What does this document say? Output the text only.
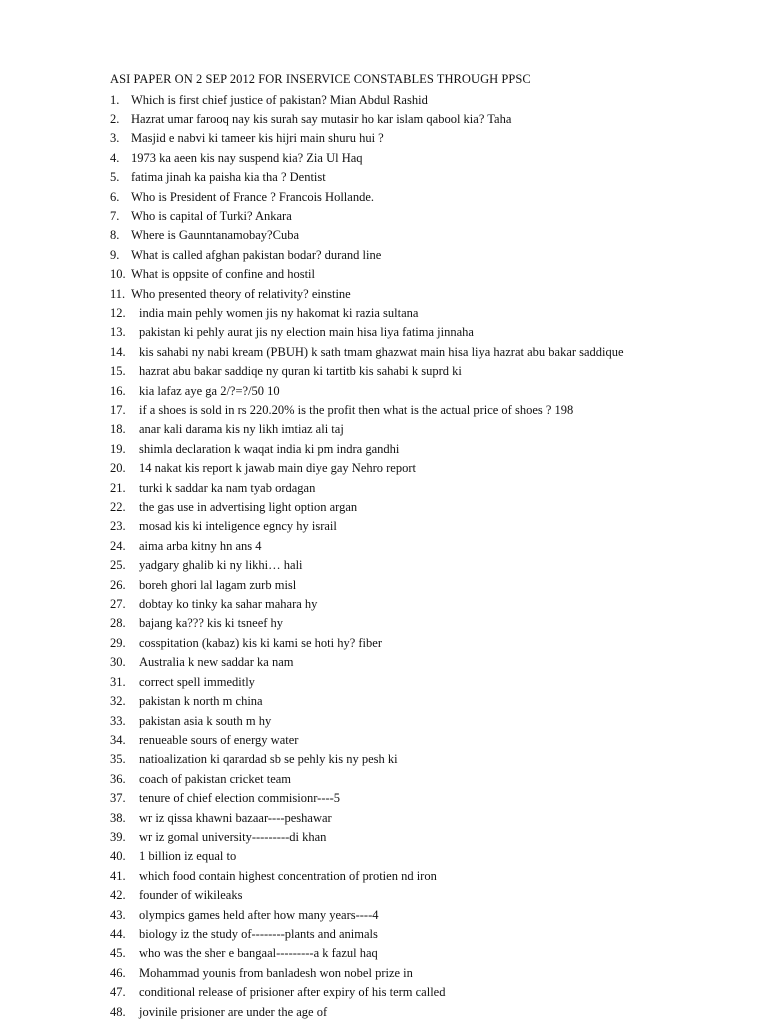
ASI PAPER ON 2 SEP 2012 FOR INSERVICE CONSTABLES THROUGH PPSC
1. Which is first chief justice of pakistan? Mian Abdul Rashid
2. Hazrat umar farooq nay kis surah say mutasir ho kar islam qabool kia? Taha
3. Masjid e nabvi ki tameer kis hijri main shuru hui ?
4. 1973 ka aeen kis nay suspend kia? Zia Ul Haq
5. fatima jinah ka paisha kia tha ? Dentist
6. Who is President of France ? Francois Hollande.
7. Who is capital of Turki? Ankara
8. Where is Gaunntanamobay?Cuba
9. What is called afghan pakistan bodar? durand line
10. What is oppsite of confine and hostil
11. Who presented theory of relativity? einstine
12. india main pehly women jis ny hakomat ki razia sultana
13. pakistan ki pehly aurat jis ny election main hisa liya fatima jinnaha
14. kis sahabi ny nabi kream (PBUH) k sath tmam ghazwat main hisa liya hazrat abu bakar saddique
15. hazrat abu bakar saddiqe ny quran ki tartitb kis sahabi k suprd ki
16. kia lafaz aye ga 2/?=?/50 10
17. if a shoes is sold in rs 220.20% is the profit then what is the actual price of shoes ? 198
18. anar kali darama kis ny likh imtiaz ali taj
19. shimla declaration k waqat india ki pm indra gandhi
20. 14 nakat kis report k jawab main diye gay Nehro report
21. turki k saddar ka nam tyab ordagan
22. the gas use in advertising light option argan
23. mosad kis ki inteligence egncy hy israil
24. aima arba kitny hn ans 4
25. yadgary ghalib ki ny likhi… hali
26. boreh ghori lal lagam zurb misl
27. dobtay ko tinky ka sahar mahara hy
28. bajang ka??? kis ki tsneef hy
29. cosspitation (kabaz) kis ki kami se hoti hy? fiber
30. Australia k new saddar ka nam
31. correct spell immeditly
32. pakistan k north m china
33. pakistan asia k south m hy
34. renueable sours of energy water
35. natioalization ki qarardad sb se pehly kis ny pesh ki
36. coach of pakistan cricket team
37. tenure of chief election commisionr----5
38. wr iz qissa khawni bazaar----peshawar
39. wr iz gomal university---------di khan
40. 1 billion iz equal to
41. which food contain highest concentration of protien nd iron
42. founder of wikileaks
43. olympics games held after how many years----4
44. biology iz the study of--------plants and animals
45. who was the sher e bangaal---------a k fazul haq
46. Mohammad younis from banladesh won nobel prize in
47. conditional release of prisioner after expiry of his term called
48. jovinile prisioner are under the age of
